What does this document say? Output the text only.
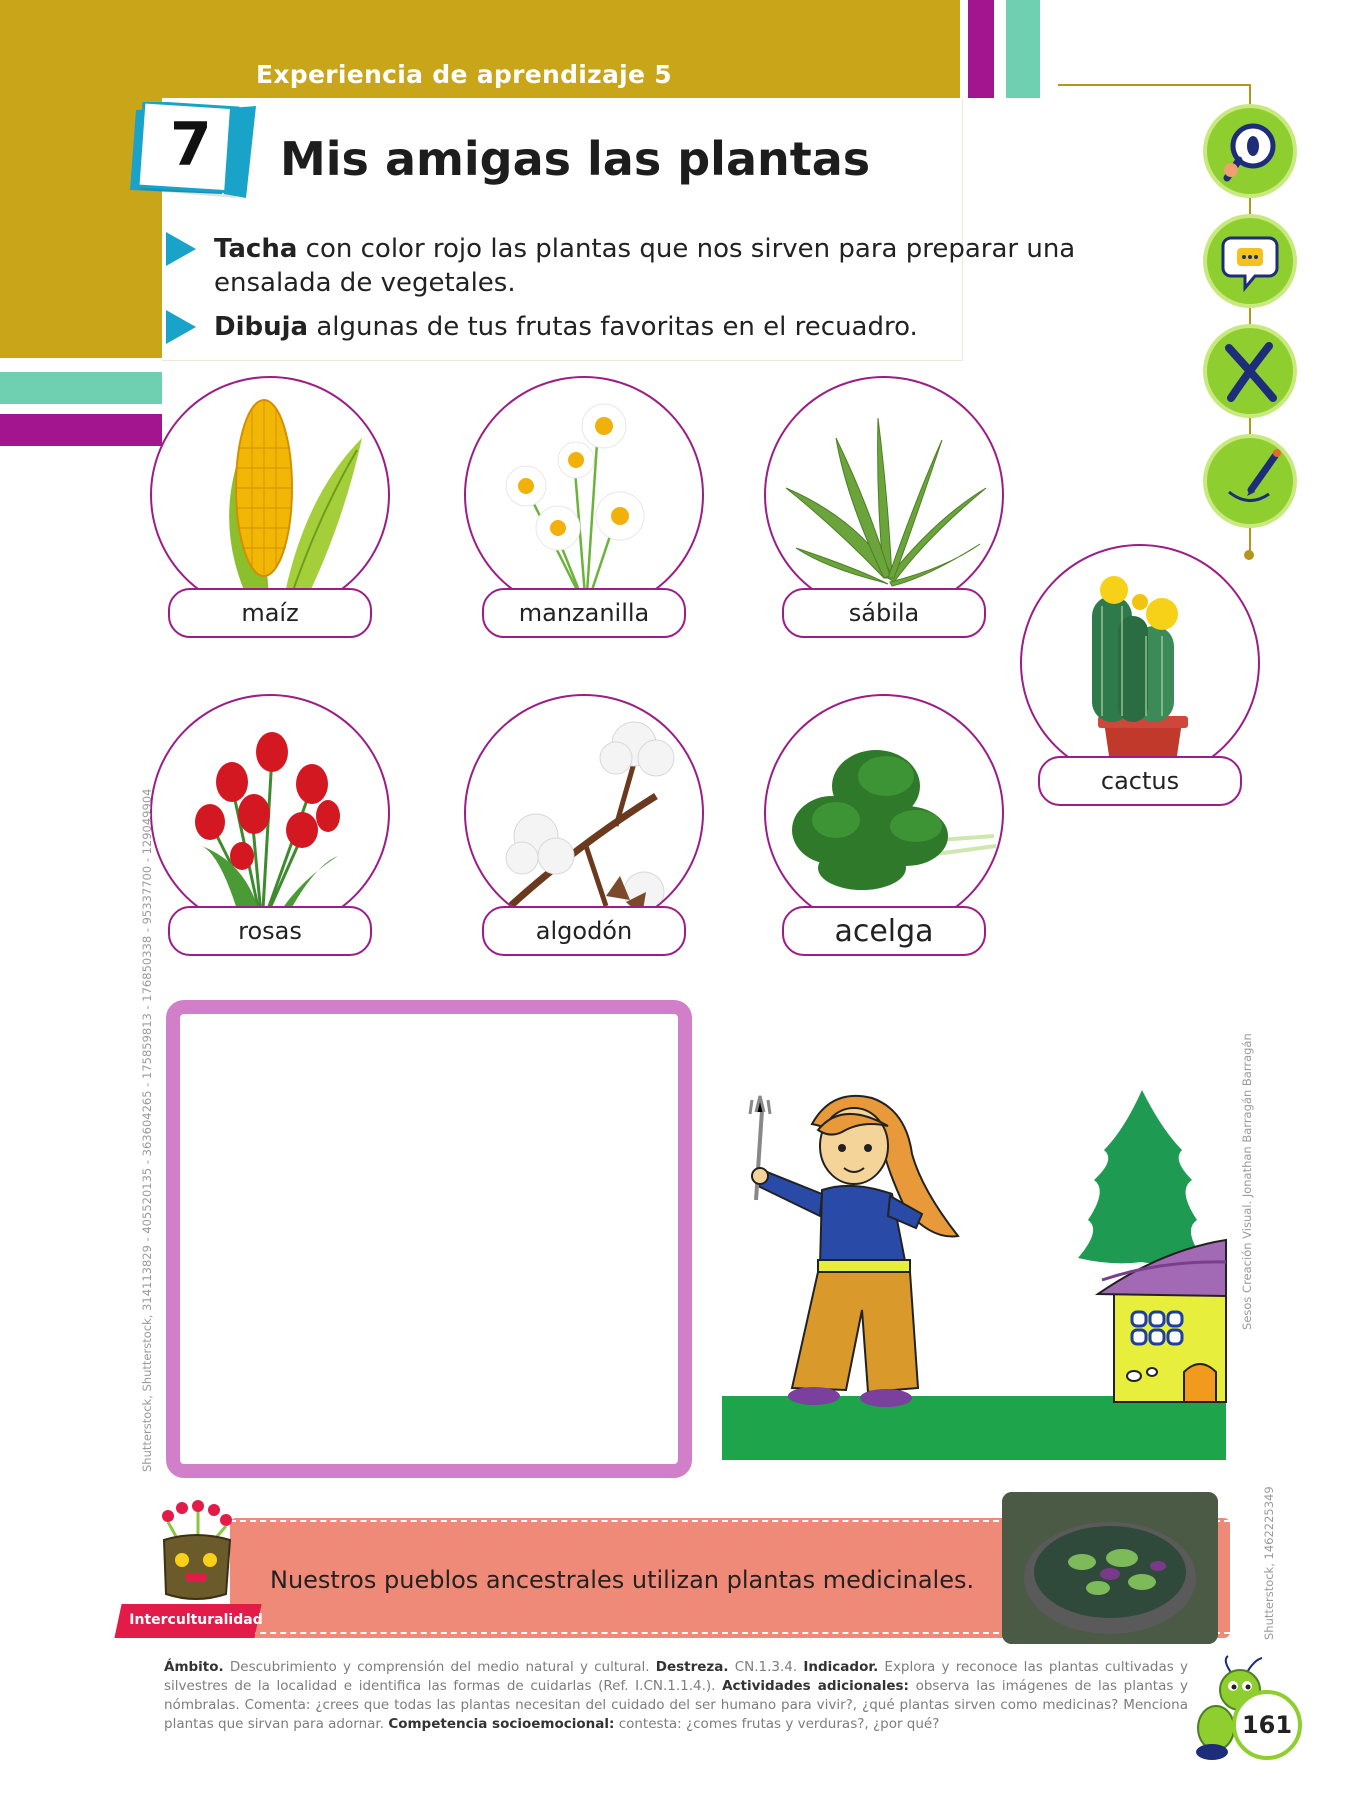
Experiencia de aprendizaje 5
7 Mis amigas las plantas
Tacha con color rojo las plantas que nos sirven para preparar una ensalada de vegetales.
Dibuja algunas de tus frutas favoritas en el recuadro.
maíz	manzanilla	sábila
cactus
rosas	algodón	acelga
Shutterstock, Shutterstock, 314113829 - 405520135 - 363604265 - 175859813 - 176850338 - 95337700 - 129049904	Sesos Creación Visual. Jonathan Barragán Barragán
Shutterstock, 1462225349
Nuestros pueblos ancestrales utilizan plantas medicinales.
Interculturalidad
Ámbito. Descubrimiento y comprensión del medio natural y cultural. Destreza. CN.1.3.4. Indicador. Explora y reconoce las plantas cultivadas y silvestres de la localidad e identifica las formas de cuidarlas (Ref. I.CN.1.1.4.). Actividades adicionales: observa las imágenes de las plantas y nómbralas. Comenta: ¿crees que todas las plantas necesitan del cuidado del ser humano para vivir?, ¿qué plantas sirven como medicinas? Menciona plantas que sirvan para adornar. Competencia socioemocional: contesta: ¿comes frutas y verduras?, ¿por qué?	161
